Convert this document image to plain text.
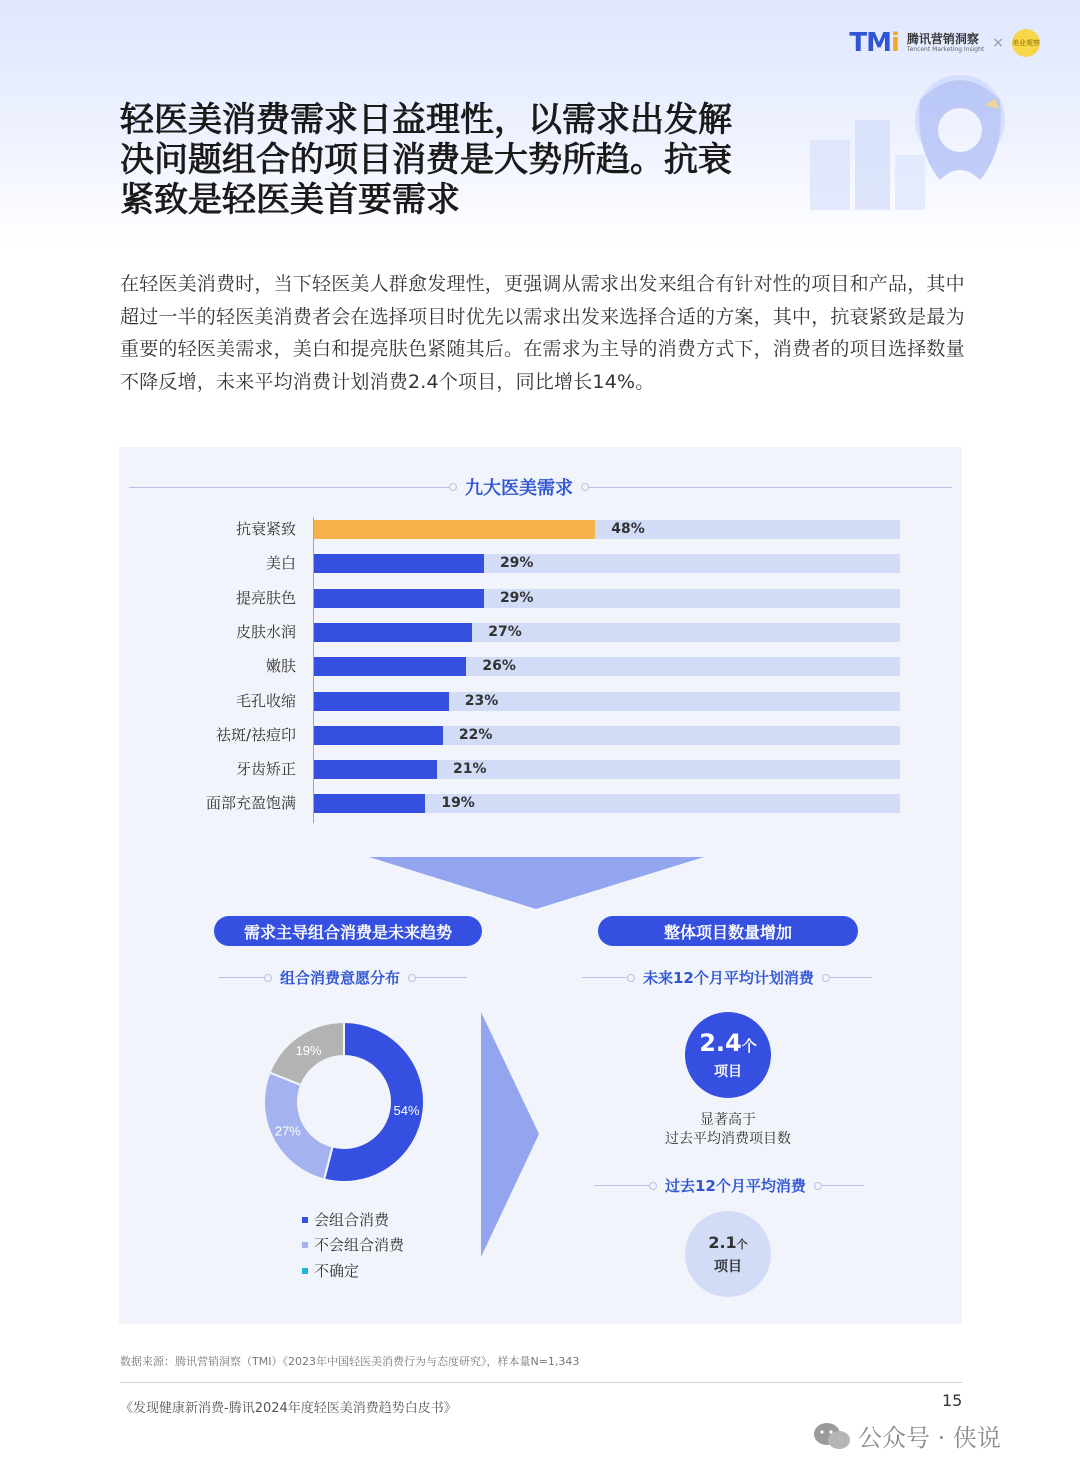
TMi 腾讯营销洞察
Tencent Marketing Insight × 美业观察
轻医美消费需求日益理性，以需求出发解
决问题组合的项目消费是大势所趋。抗衰
紧致是轻医美首要需求

在轻医美消费时，当下轻医美人群愈发理性，更强调从需求出发来组合有针对性的项目和产品，其中超过一半的轻医美消费者会在选择项目时优先以需求出发来选择合适的方案，其中，抗衰紧致是最为重要的轻医美需求，美白和提亮肤色紧随其后。在需求为主导的消费方式下，消费者的项目选择数量不降反增，未来平均消费计划消费2.4个项目，同比增长14%。

九大医美需求
抗衰紧致	48%
美白	29%
提亮肤色	29%
皮肤水润	27%
嫩肤	26%
毛孔收缩	23%
祛斑/祛痘印	22%
牙齿矫正	21%
面部充盈饱满	19%
需求主导组合消费是未来趋势	整体项目数量增加
组合消费意愿分布
54%
27%
19%
会组合消费
不会组合消费
不确定
未来12个月平均计划消费
2.4个
项目
显著高于
过去平均消费项目数
过去12个月平均消费
2.1个
项目
数据来源：腾讯营销洞察（TMI）《2023年中国轻医美消费行为与态度研究》，样本量N=1,343
《发现健康新消费-腾讯2024年度轻医美消费趋势白皮书》	15
公众号 · 侠说
